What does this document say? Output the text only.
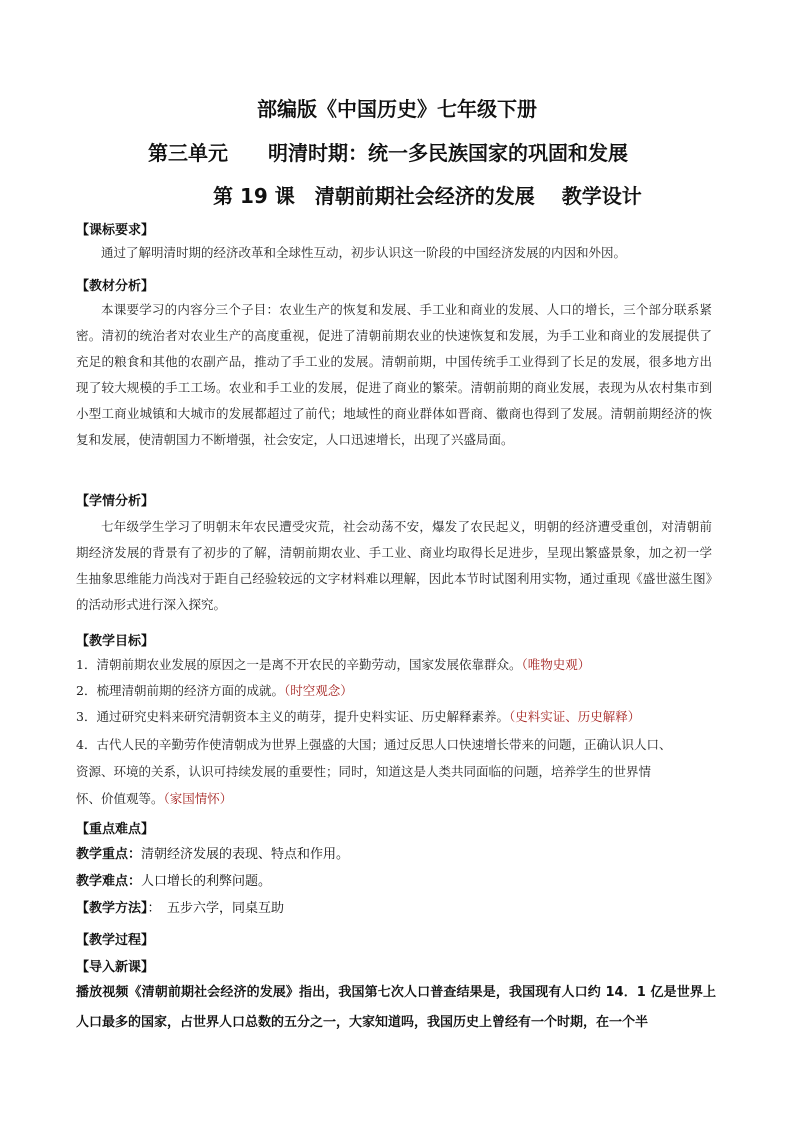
部编版《中国历史》七年级下册
第三单元　　明清时期：统一多民族国家的巩固和发展
第 19 课　清朝前期社会经济的发展　 教学设计
【课标要求】

通过了解明清时期的经济改革和全球性互动，初步认识这一阶段的中国经济发展的内因和外因。

【教材分析】

本课要学习的内容分三个子目：农业生产的恢复和发展、手工业和商业的发展、人口的增长，三个部分联系紧密。清初的统治者对农业生产的高度重视，促进了清朝前期农业的快速恢复和发展，为手工业和商业的发展提供了充足的粮食和其他的农副产品，推动了手工业的发展。清朝前期，中国传统手工业得到了长足的发展，很多地方出现了较大规模的手工工场。农业和手工业的发展，促进了商业的繁荣。清朝前期的商业发展，表现为从农村集市到小型工商业城镇和大城市的发展都超过了前代；地域性的商业群体如晋商、徽商也得到了发展。清朝前期经济的恢复和发展，使清朝国力不断增强，社会安定，人口迅速增长，出现了兴盛局面。

【学情分析】

七年级学生学习了明朝末年农民遭受灾荒，社会动荡不安，爆发了农民起义，明朝的经济遭受重创，对清朝前期经济发展的背景有了初步的了解，清朝前期农业、手工业、商业均取得长足进步，呈现出繁盛景象，加之初一学生抽象思维能力尚浅对于距自己经验较远的文字材料难以理解，因此本节时试图利用实物，通过重现《盛世滋生图》的活动形式进行深入探究。

【教学目标】
1．清朝前期农业发展的原因之一是离不开农民的辛勤劳动，国家发展依靠群众。（唯物史观）
2．梳理清朝前期的经济方面的成就。（时空观念）
3．通过研究史料来研究清朝资本主义的萌芽，提升史料实证、历史解释素养。（史料实证、历史解释）
4．古代人民的辛勤劳作使清朝成为世界上强盛的大国；通过反思人口快速增长带来的问题，正确认识人口、
资源、环境的关系，认识可持续发展的重要性；同时，知道这是人类共同面临的问题，培养学生的世界情
怀、价值观等。（家国情怀）
【重点难点】
教学重点：清朝经济发展的表现、特点和作用。
教学难点：人口增长的利弊问题。
【教学方法】：　五步六学，同桌互助
【教学过程】
【导入新课】

播放视频《清朝前期社会经济的发展》指出，我国第七次人口普查结果是，我国现有人口约 14．1 亿是世界上人口最多的国家，占世界人口总数的五分之一，大家知道吗，我国历史上曾经有一个时期，在一个半
